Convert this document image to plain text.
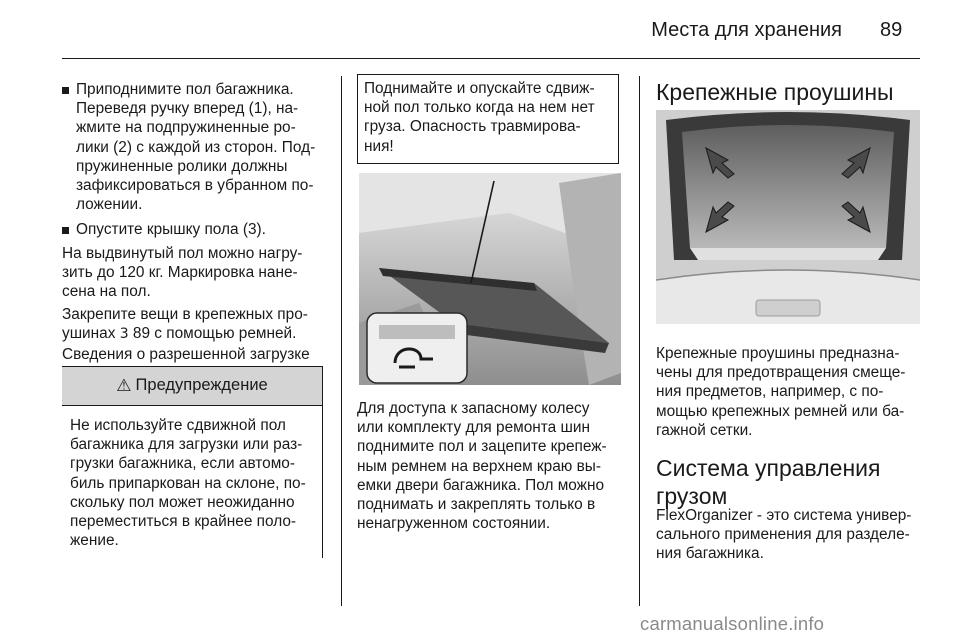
Места для хранения 89
Приподнимите пол багажника.
Переведя ручку вперед (1), на-
жмите на подпружиненные ро-
лики (2) с каждой из сторон. Под-
пружиненные ролики должны
зафиксироваться в убранном по-
ложении.
Опустите крышку пола (3).
На выдвинутый пол можно нагру-
зить до 120 кг. Маркировка нане-
сена на пол.
Закрепите вещи в крепежных про-
ушинах 3 89 с помощью ремней.
Сведения о разрешенной загрузке
⚠ Предупреждение
Не используйте сдвижной пол
багажника для загрузки или раз-
грузки багажника, если автомо-
биль припаркован на склоне, по-
скольку пол может неожиданно
переместиться в крайнее поло-
жение.
Поднимайте и опускайте сдвиж-
ной пол только когда на нем нет
груза. Опасность травмирова-
ния!
Для доступа к запасному колесу
или комплекту для ремонта шин
поднимите пол и зацепите крепеж-
ным ремнем на верхнем краю вы-
емки двери багажника. Пол можно
поднимать и закреплять только в
ненагруженном состоянии.
Крепежные проушины
Крепежные проушины предназна-
чены для предотвращения смеще-
ния предметов, например, с по-
мощью крепежных ремней или ба-
гажной сетки.
Система управления
грузом
FlexOrganizer - это система универ-
сального применения для разделе-
ния багажника.
carmanualsonline.info
